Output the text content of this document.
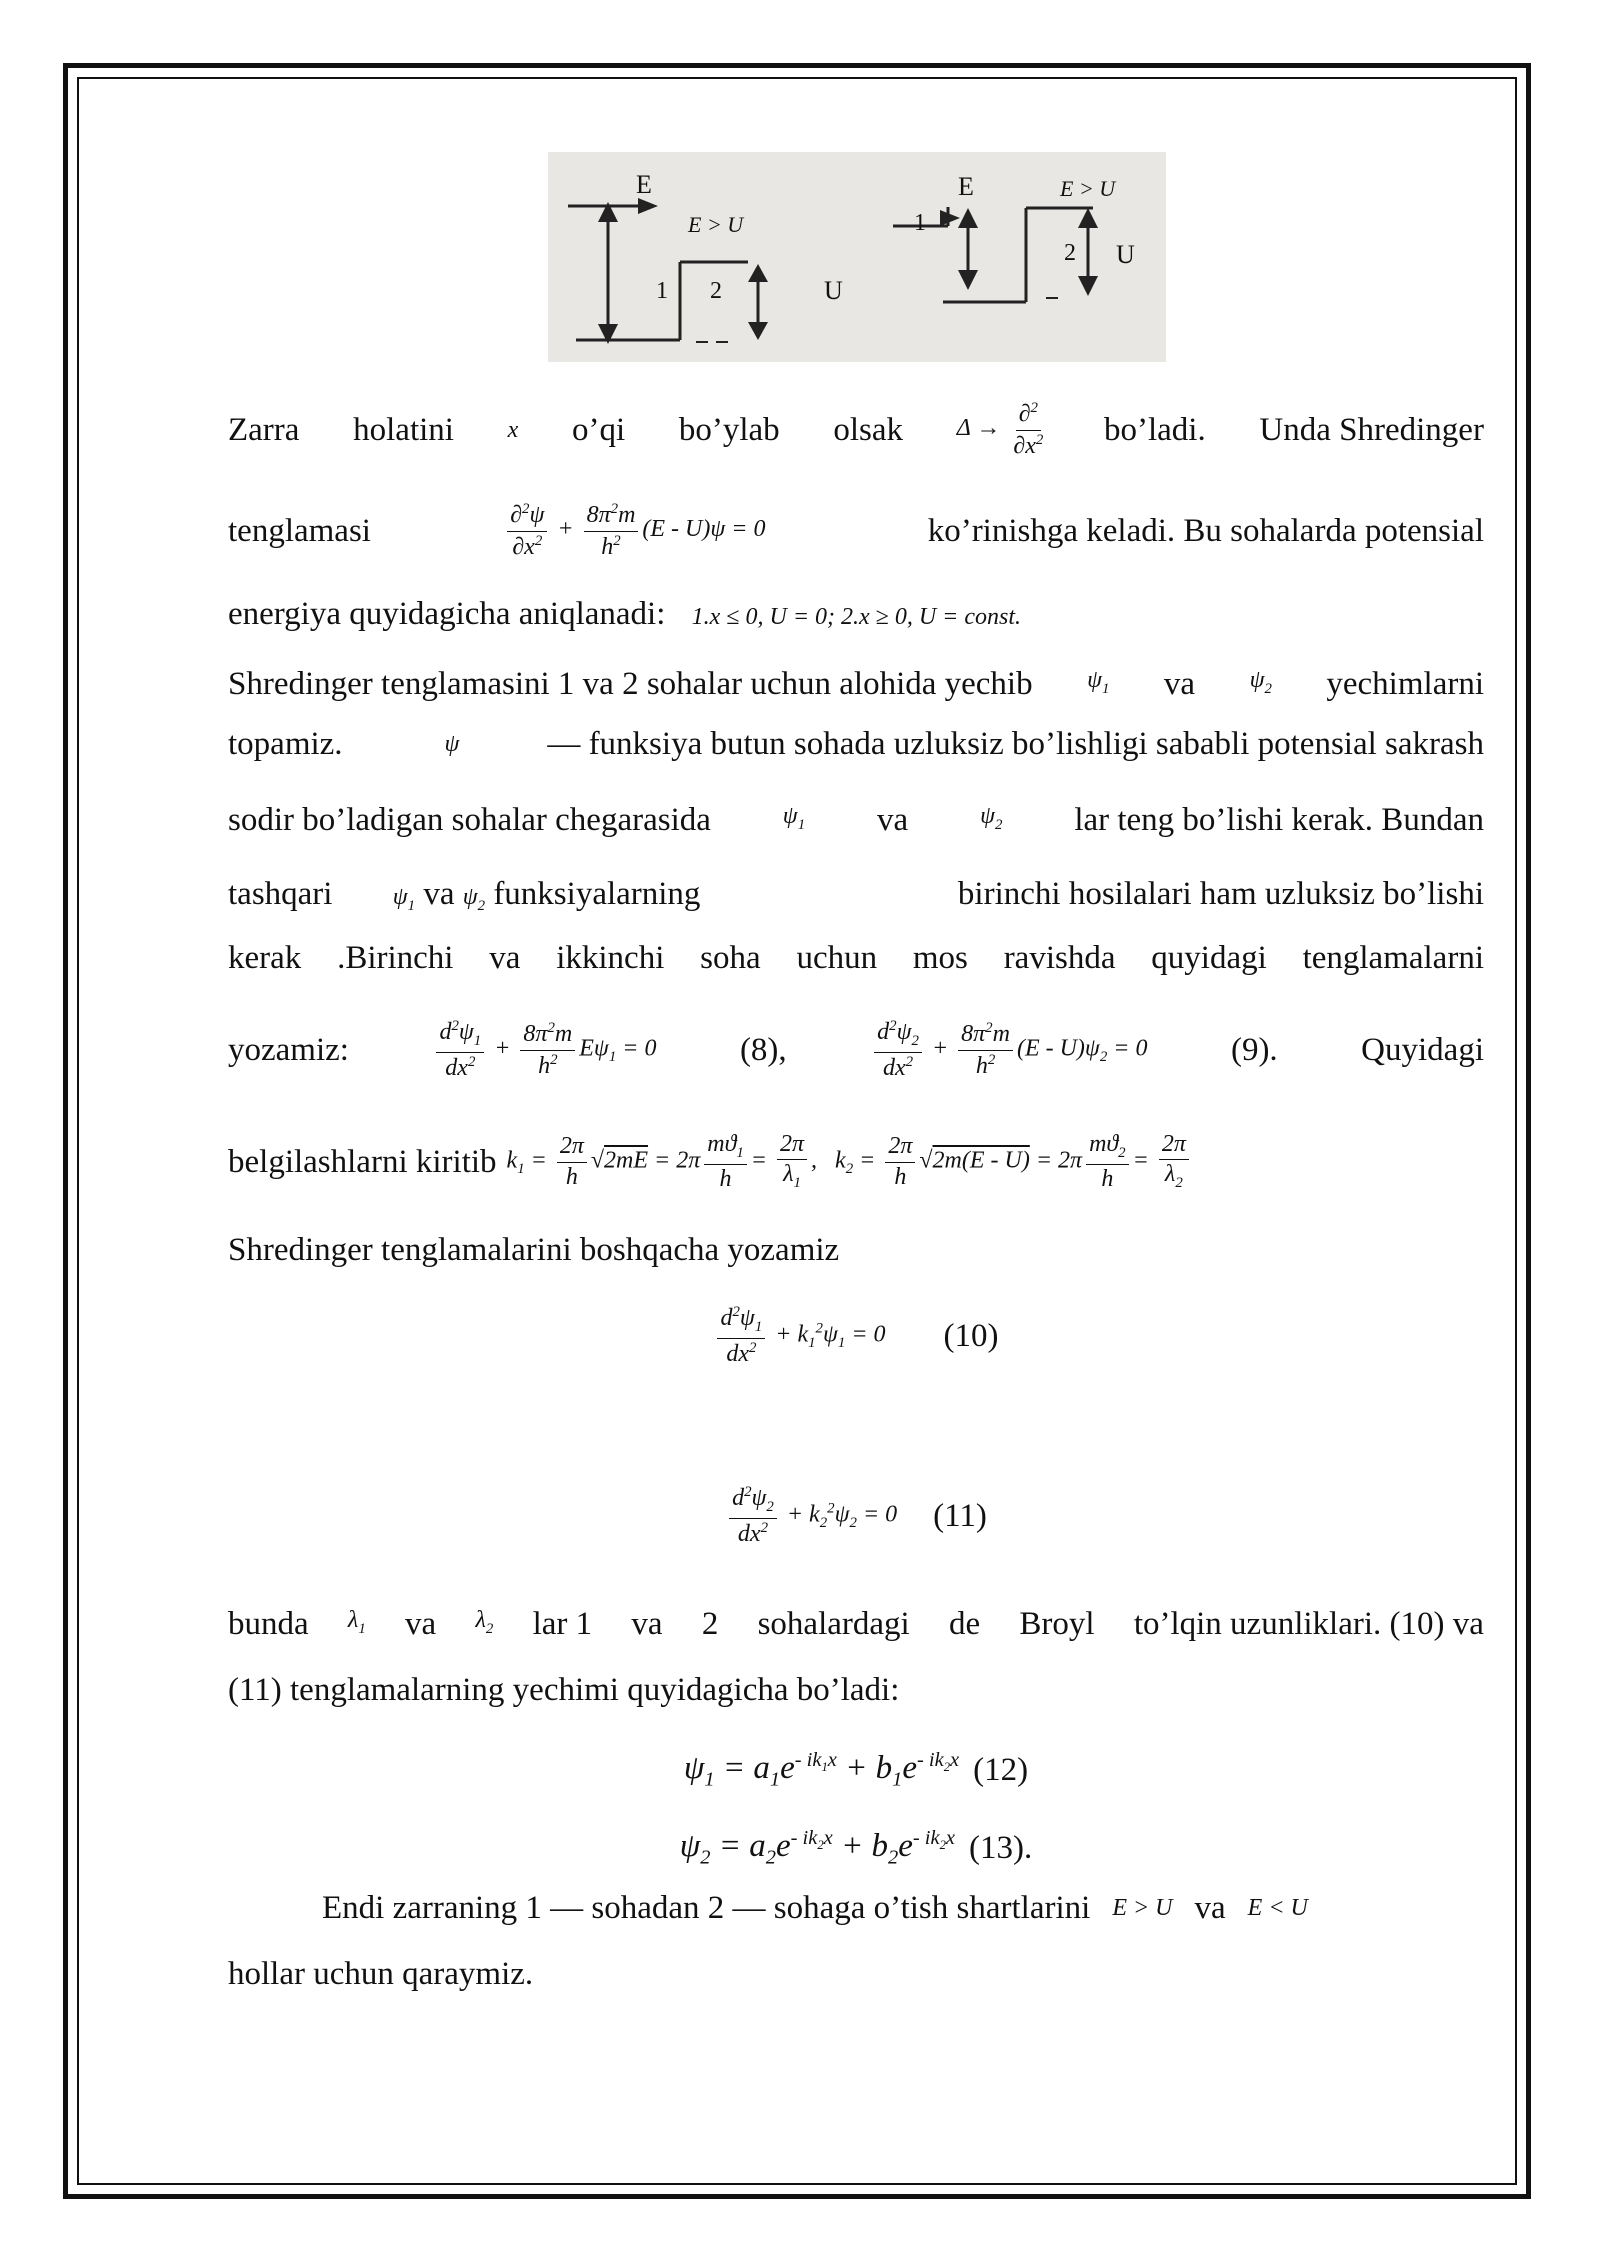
E
E > U
1 2	U
E	E > U
1
2 U
Zarra holatini x o’qi bo’ylab olsak $\Delta \to \frac{\partial^2}{\partial x^2}$ bo’ladi. Unda Shredinger
tenglamasi	$\frac{\partial^2\psi}{\partial x^2} + \frac{8\pi^2m}{h^2} (E - U)\psi = 0$	ko’rinishga keladi. Bu sohalarda potensial
energiya quyidagicha aniqlanadi: 1.x ≤ 0, U = 0; 2.x ≥ 0, U = const.
Shredinger tenglamasini 1 va 2 sohalar uchun alohida yechib $\psi_1$ va $\psi_2$ yechimlarni
topamiz.	ψ	— funksiya butun sohada uzluksiz bo’lishligi sababli potensial sakrash
sodir bo’ladigan sohalar chegarasida	$\psi_1$ va	$\psi_2$ lar teng bo’lishi kerak. Bundan
tashqari	$\psi_1$ va $\psi_2$ funksiyalarning	birinchi hosilalari ham uzluksiz bo’lishi
kerak .Birinchi va ikkinchi soha uchun mos ravishda quyidagi tenglamalarni
yozamiz:	$\frac{d^2\psi_1}{dx^2} + \frac{8\pi^2m}{h^2} E\psi_1 = 0$	(8),	$\frac{d^2\psi_2}{dx^2} + \frac{8\pi^2m}{h^2} (E - U)\psi_2 = 0$	(9).	Quyidagi
belgilashlarni kiritib $k_1 = \frac{2\pi}{h} √2mE = 2\pi \frac{mϑ_1}{h} = \frac{2\pi}{\lambda_1}$ ,   $k_2 = \frac{2\pi}{h} √2m(E - U) = 2\pi \frac{mϑ_2}{h} = \frac{2\pi}{\lambda_2}$
Shredinger tenglamalarini boshqacha yozamiz
$\frac{d^2\psi_1}{dx^2} + k_1^2\psi_1 = 0$ (10)
$\frac{d^2\psi_2}{dx^2} + k_2^2\psi_2 = 0$ (11)
bunda $\lambda_1$ va $\lambda_2$ lar 1 va 2 sohalardagi de Broyl to’lqin uzunliklari. (10) va
(11) tenglamalarning yechimi quyidagicha bo’ladi:
$\psi_1 = a_1e^{- ik_1x} + b_1e^{- ik_2x}$ (12)
$\psi_2 = a_2e^{- ik_2x} + b_2e^{- ik_2x}$ (13).
Endi zarraning 1 — sohadan 2 — sohaga o’tish shartlarini E > U va E < U
hollar uchun qaraymiz.
